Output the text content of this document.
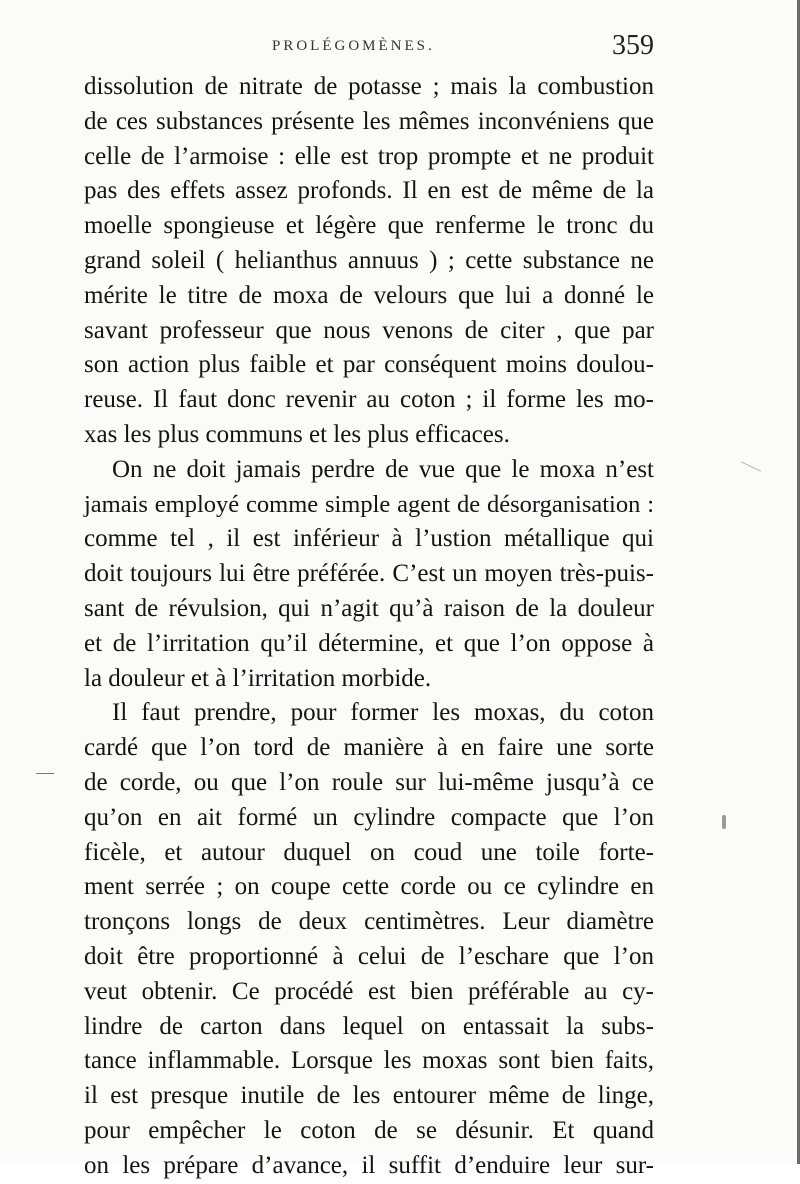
PROLÉGOMÈNES.	359
dissolution de nitrate de potasse ; mais la combustion
de ces substances présente les mêmes inconvéniens que
celle de l’armoise : elle est trop prompte et ne produit
pas des effets assez profonds. Il en est de même de la
moelle spongieuse et légère que renferme le tronc du
grand soleil ( helianthus annuus ) ; cette substance ne
mérite le titre de moxa de velours que lui a donné le
savant professeur que nous venons de citer , que par
son action plus faible et par conséquent moins doulou-
reuse. Il faut donc revenir au coton ; il forme les mo-
xas les plus communs et les plus efficaces.
On ne doit jamais perdre de vue que le moxa n’est
jamais employé comme simple agent de désorganisation :
comme tel , il est inférieur à l’ustion métallique qui
doit toujours lui être préférée. C’est un moyen très-puis-
sant de révulsion, qui n’agit qu’à raison de la douleur
et de l’irritation qu’il détermine, et que l’on oppose à
la douleur et à l’irritation morbide.
Il faut prendre, pour former les moxas, du coton
cardé que l’on tord de manière à en faire une sorte
de corde, ou que l’on roule sur lui-même jusqu’à ce
qu’on en ait formé un cylindre compacte que l’on
ficèle, et autour duquel on coud une toile forte-
ment serrée ; on coupe cette corde ou ce cylindre en
tronçons longs de deux centimètres. Leur diamètre
doit être proportionné à celui de l’eschare que l’on
veut obtenir. Ce procédé est bien préférable au cy-
lindre de carton dans lequel on entassait la subs-
tance inflammable. Lorsque les moxas sont bien faits,
il est presque inutile de les entourer même de linge,
pour empêcher le coton de se désunir. Et quand
on les prépare d’avance, il suffit d’enduire leur sur-
